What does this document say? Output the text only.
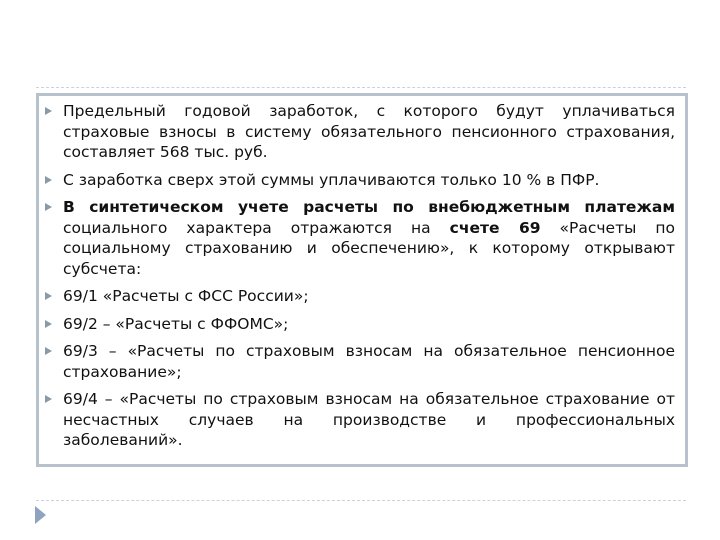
Предельный годовой заработок, с которого будут уплачиваться страховые взносы в систему обязательного пенсионного страхования, составляет 568 тыс. руб.
С заработка сверх этой суммы уплачиваются только 10 % в ПФР.
В синтетическом учете расчеты по внебюджетным платежам социального характера отражаются на счете 69 «Расчеты по социальному страхованию и обеспечению», к которому открывают субсчета:
69/1 «Расчеты с ФСС России»;
69/2 – «Расчеты с ФФОМС»;
69/3 – «Расчеты по страховым взносам на обязательное пенсионное страхование»;
69/4 – «Расчеты по страховым взносам на обязательное страхование от несчастных случаев на производстве и профессиональных заболеваний».
